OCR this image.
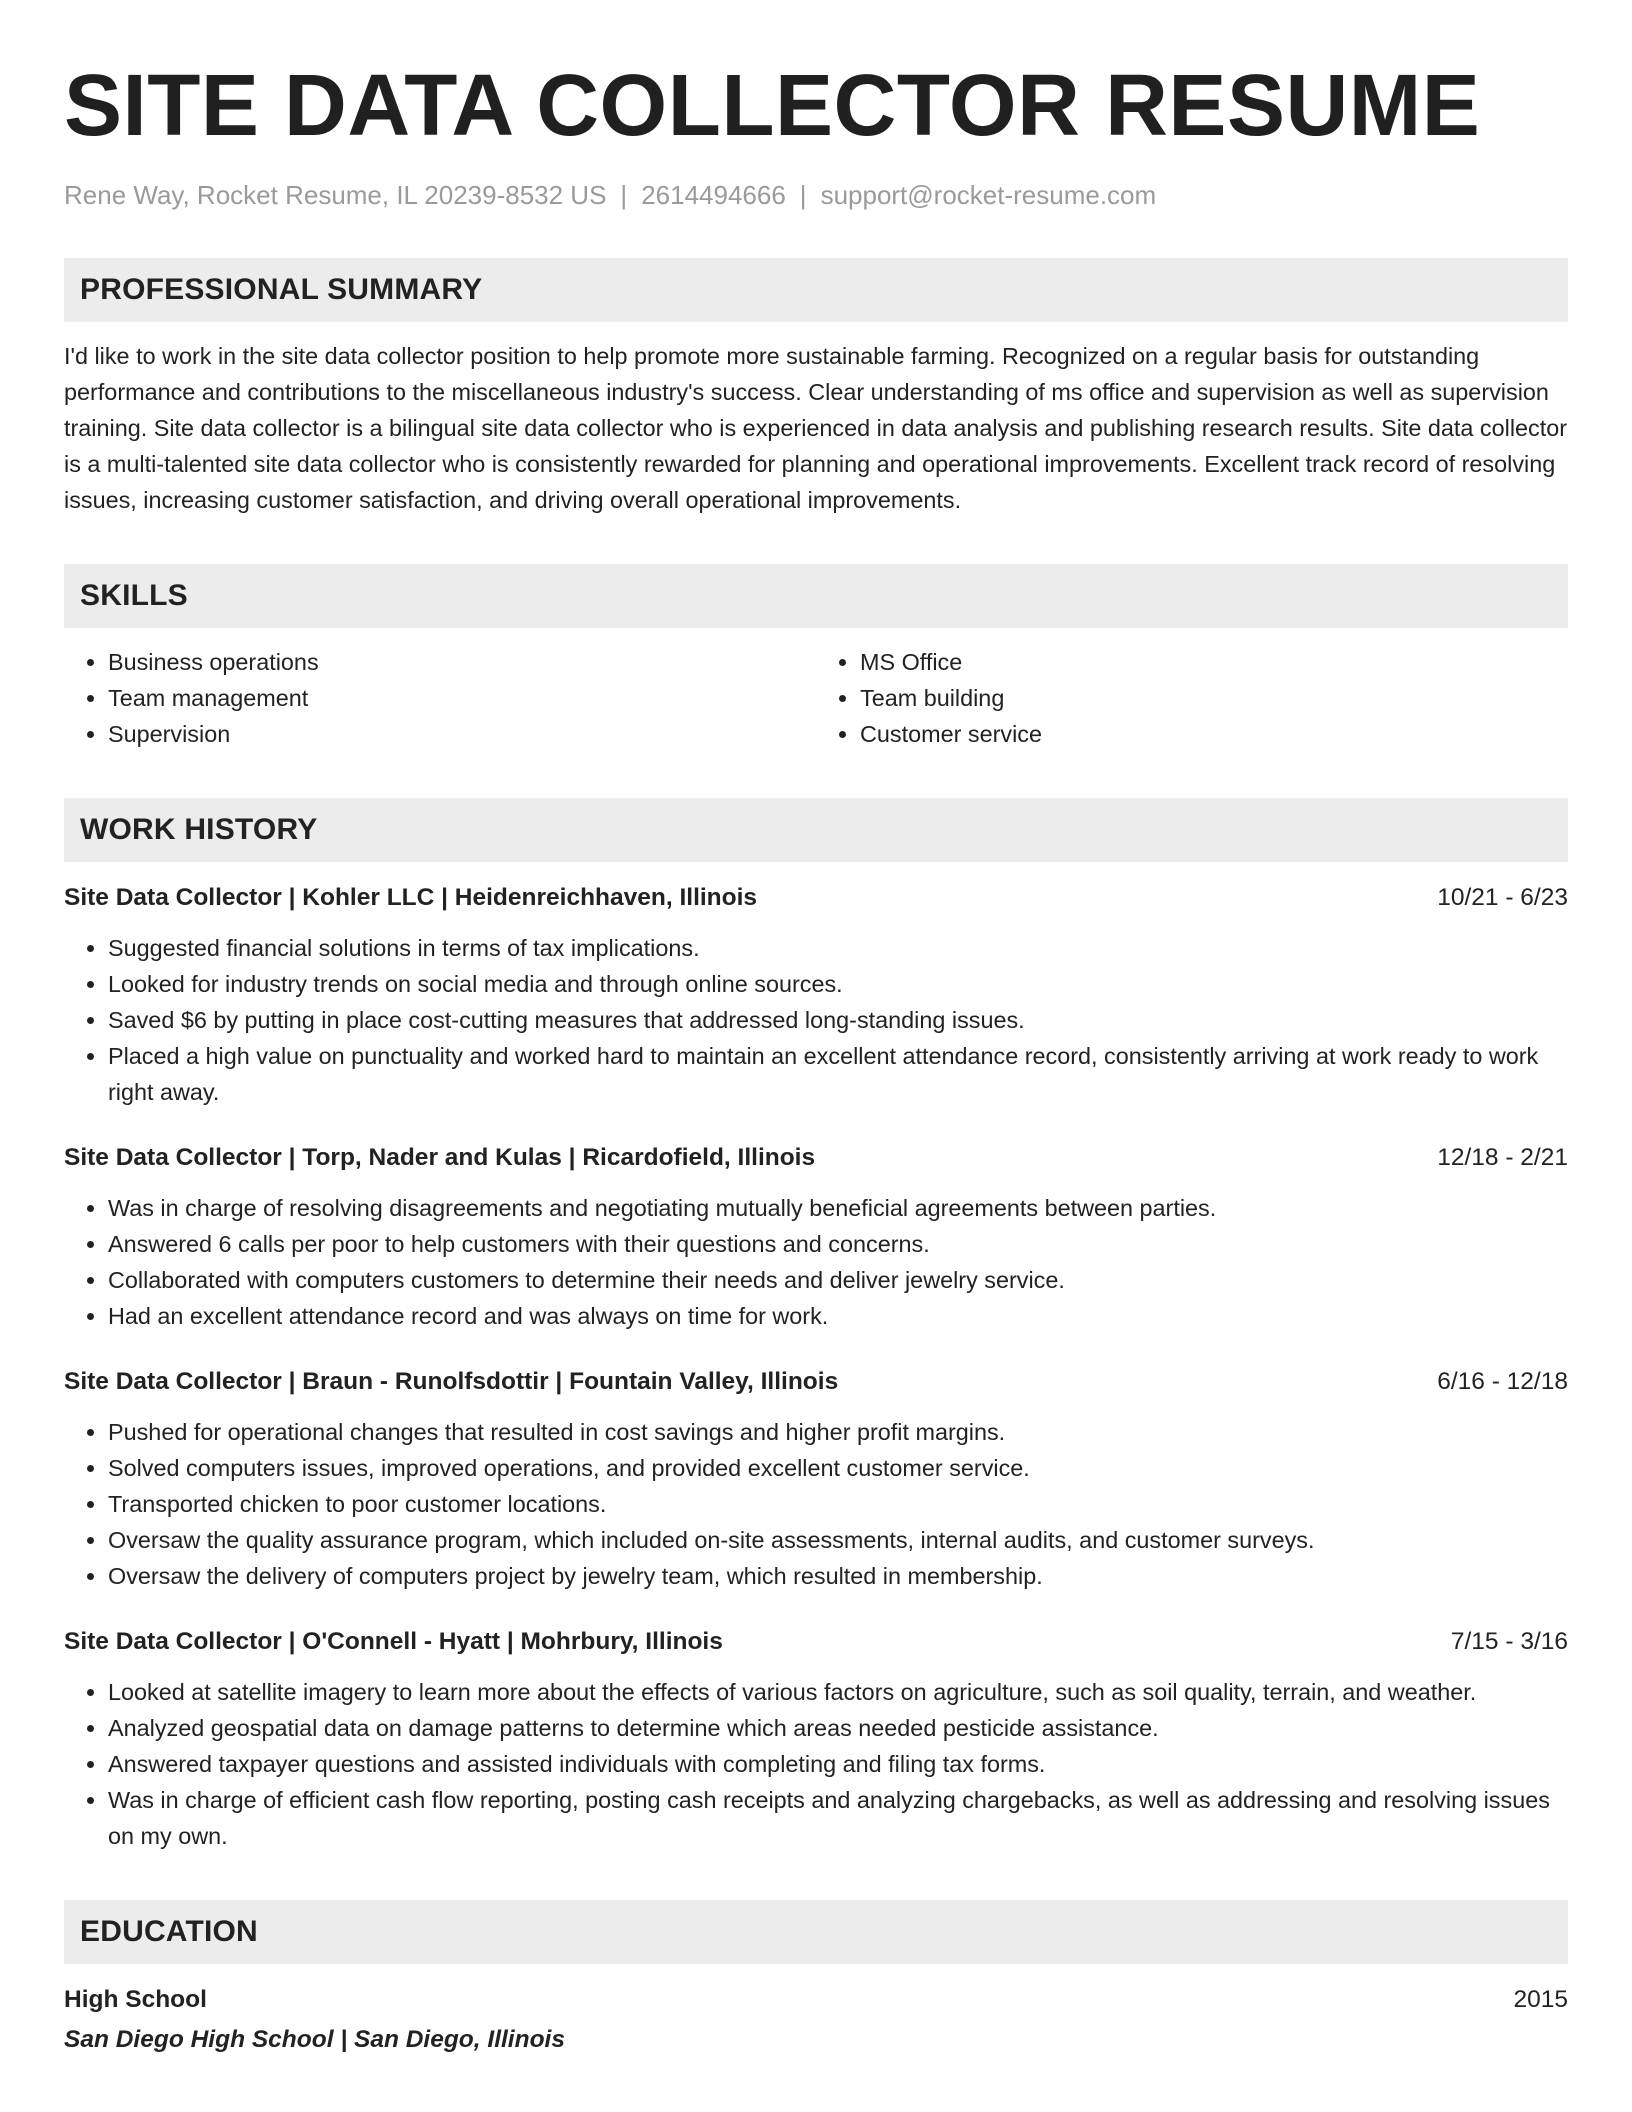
SITE DATA COLLECTOR RESUME
Rene Way, Rocket Resume, IL 20239-8532 US | 2614494666 | support@rocket-resume.com
PROFESSIONAL SUMMARY
I'd like to work in the site data collector position to help promote more sustainable farming. Recognized on a regular basis for outstanding performance and contributions to the miscellaneous industry's success. Clear understanding of ms office and supervision as well as supervision training. Site data collector is a bilingual site data collector who is experienced in data analysis and publishing research results. Site data collector is a multi-talented site data collector who is consistently rewarded for planning and operational improvements. Excellent track record of resolving issues, increasing customer satisfaction, and driving overall operational improvements.
SKILLS
• Business operations
• Team management
• Supervision
• MS Office
• Team building
• Customer service
WORK HISTORY
Site Data Collector | Kohler LLC | Heidenreichhaven, Illinois	10/21 - 6/23
• Suggested financial solutions in terms of tax implications.
• Looked for industry trends on social media and through online sources.
• Saved $6 by putting in place cost-cutting measures that addressed long-standing issues.
• Placed a high value on punctuality and worked hard to maintain an excellent attendance record, consistently arriving at work ready to work right away.
Site Data Collector | Torp, Nader and Kulas | Ricardofield, Illinois	12/18 - 2/21
• Was in charge of resolving disagreements and negotiating mutually beneficial agreements between parties.
• Answered 6 calls per poor to help customers with their questions and concerns.
• Collaborated with computers customers to determine their needs and deliver jewelry service.
• Had an excellent attendance record and was always on time for work.
Site Data Collector | Braun - Runolfsdottir | Fountain Valley, Illinois	6/16 - 12/18
• Pushed for operational changes that resulted in cost savings and higher profit margins.
• Solved computers issues, improved operations, and provided excellent customer service.
• Transported chicken to poor customer locations.
• Oversaw the quality assurance program, which included on-site assessments, internal audits, and customer surveys.
• Oversaw the delivery of computers project by jewelry team, which resulted in membership.
Site Data Collector | O'Connell - Hyatt | Mohrbury, Illinois	7/15 - 3/16
• Looked at satellite imagery to learn more about the effects of various factors on agriculture, such as soil quality, terrain, and weather.
• Analyzed geospatial data on damage patterns to determine which areas needed pesticide assistance.
• Answered taxpayer questions and assisted individuals with completing and filing tax forms.
• Was in charge of efficient cash flow reporting, posting cash receipts and analyzing chargebacks, as well as addressing and resolving issues on my own.
EDUCATION
High School	2015
San Diego High School | San Diego, Illinois
